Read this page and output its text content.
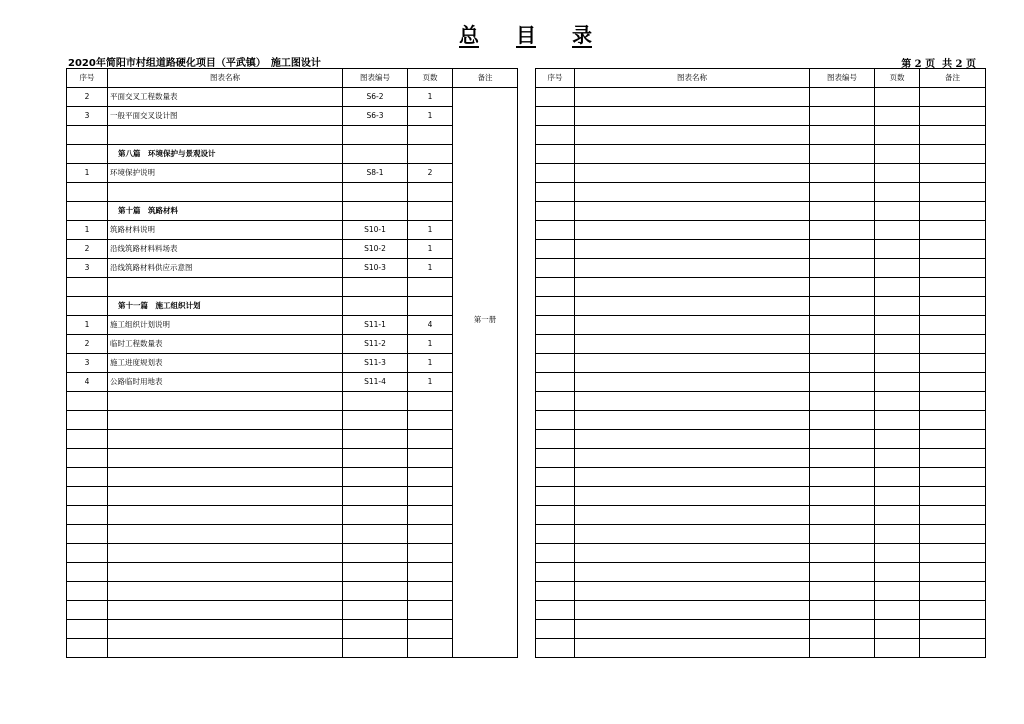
总 目 录
2020年简阳市村组道路硬化项目（平武镇）　施工图设计	第 2 页  共 2 页
序号	图表名称	图表编号	页数	备注
2	平面交叉工程数量表	S6-2	1	第一册

3	一般平面交叉设计图	S6-3	1	

	第八篇　环境保护与景观设计			
1	环境保护说明	S8-1	2	

	第十篇　筑路材料			
1	筑路材料说明	S10-1	1	
2	沿线筑路材料料场表	S10-2	1	
3	沿线筑路材料供应示意图	S10-3	1	

	第十一篇　施工组织计划			
1	施工组织计划说明	S11-1	4	
2	临时工程数量表	S11-2	1	
3	施工进度规划表	S11-3	1	
4	公路临时用地表	S11-4	1	

序号	图表名称	图表编号	页数	备注
